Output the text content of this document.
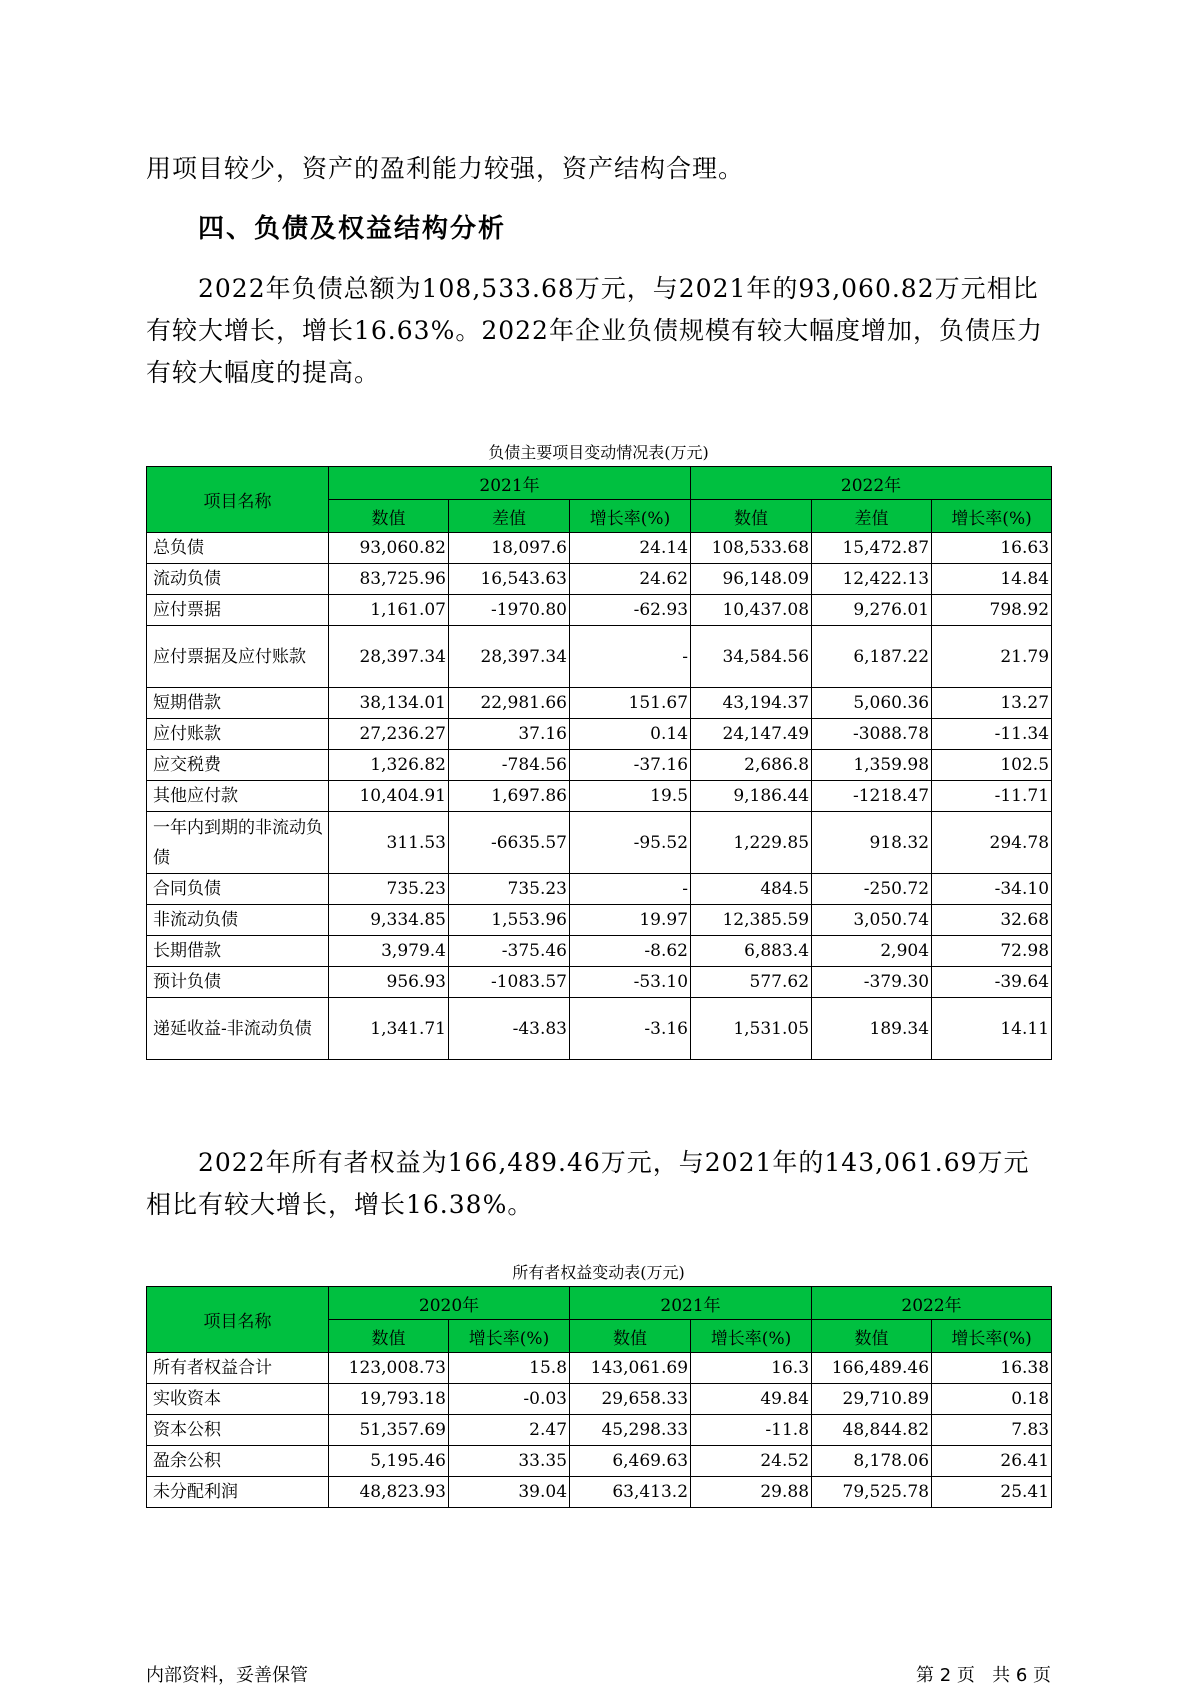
用项目较少，资产的盈利能力较强，资产结构合理。

四、负债及权益结构分析

2022年负债总额为108,533.68万元，与2021年的93,060.82万元相比有较大增长，增长16.63%。2022年企业负债规模有较大幅度增加，负债压力有较大幅度的提高。

负债主要项目变动情况表(万元)

项目名称	2021年			2022年		
	数值	差值	增长率(%)	数值	差值	增长率(%)
总负债	93,060.82	18,097.6	24.14	108,533.68	15,472.87	16.63
流动负债	83,725.96	16,543.63	24.62	96,148.09	12,422.13	14.84
应付票据	1,161.07	-1970.80	-62.93	10,437.08	9,276.01	798.92
应付票据及应付账款	28,397.34	28,397.34	-	34,584.56	6,187.22	21.79
短期借款	38,134.01	22,981.66	151.67	43,194.37	5,060.36	13.27
应付账款	27,236.27	37.16	0.14	24,147.49	-3088.78	-11.34
应交税费	1,326.82	-784.56	-37.16	2,686.8	1,359.98	102.5
其他应付款	10,404.91	1,697.86	19.5	9,186.44	-1218.47	-11.71
一年内到期的非流动负债	311.53	-6635.57	-95.52	1,229.85	918.32	294.78
合同负债	735.23	735.23	-	484.5	-250.72	-34.10
非流动负债	9,334.85	1,553.96	19.97	12,385.59	3,050.74	32.68
长期借款	3,979.4	-375.46	-8.62	6,883.4	2,904	72.98
预计负债	956.93	-1083.57	-53.10	577.62	-379.30	-39.64
递延收益-非流动负债	1,341.71	-43.83	-3.16	1,531.05	189.34	14.11

2022年所有者权益为166,489.46万元，与2021年的143,061.69万元相比有较大增长，增长16.38%。

所有者权益变动表(万元)

项目名称	2020年		2021年		2022年	
	数值	增长率(%)	数值	增长率(%)	数值	增长率(%)
所有者权益合计	123,008.73	15.8	143,061.69	16.3	166,489.46	16.38
实收资本	19,793.18	-0.03	29,658.33	49.84	29,710.89	0.18
资本公积	51,357.69	2.47	45,298.33	-11.8	48,844.82	7.83
盈余公积	5,195.46	33.35	6,469.63	24.52	8,178.06	26.41
未分配利润	48,823.93	39.04	63,413.2	29.88	79,525.78	25.41

内部资料，妥善保管	第 2 页   共 6 页
